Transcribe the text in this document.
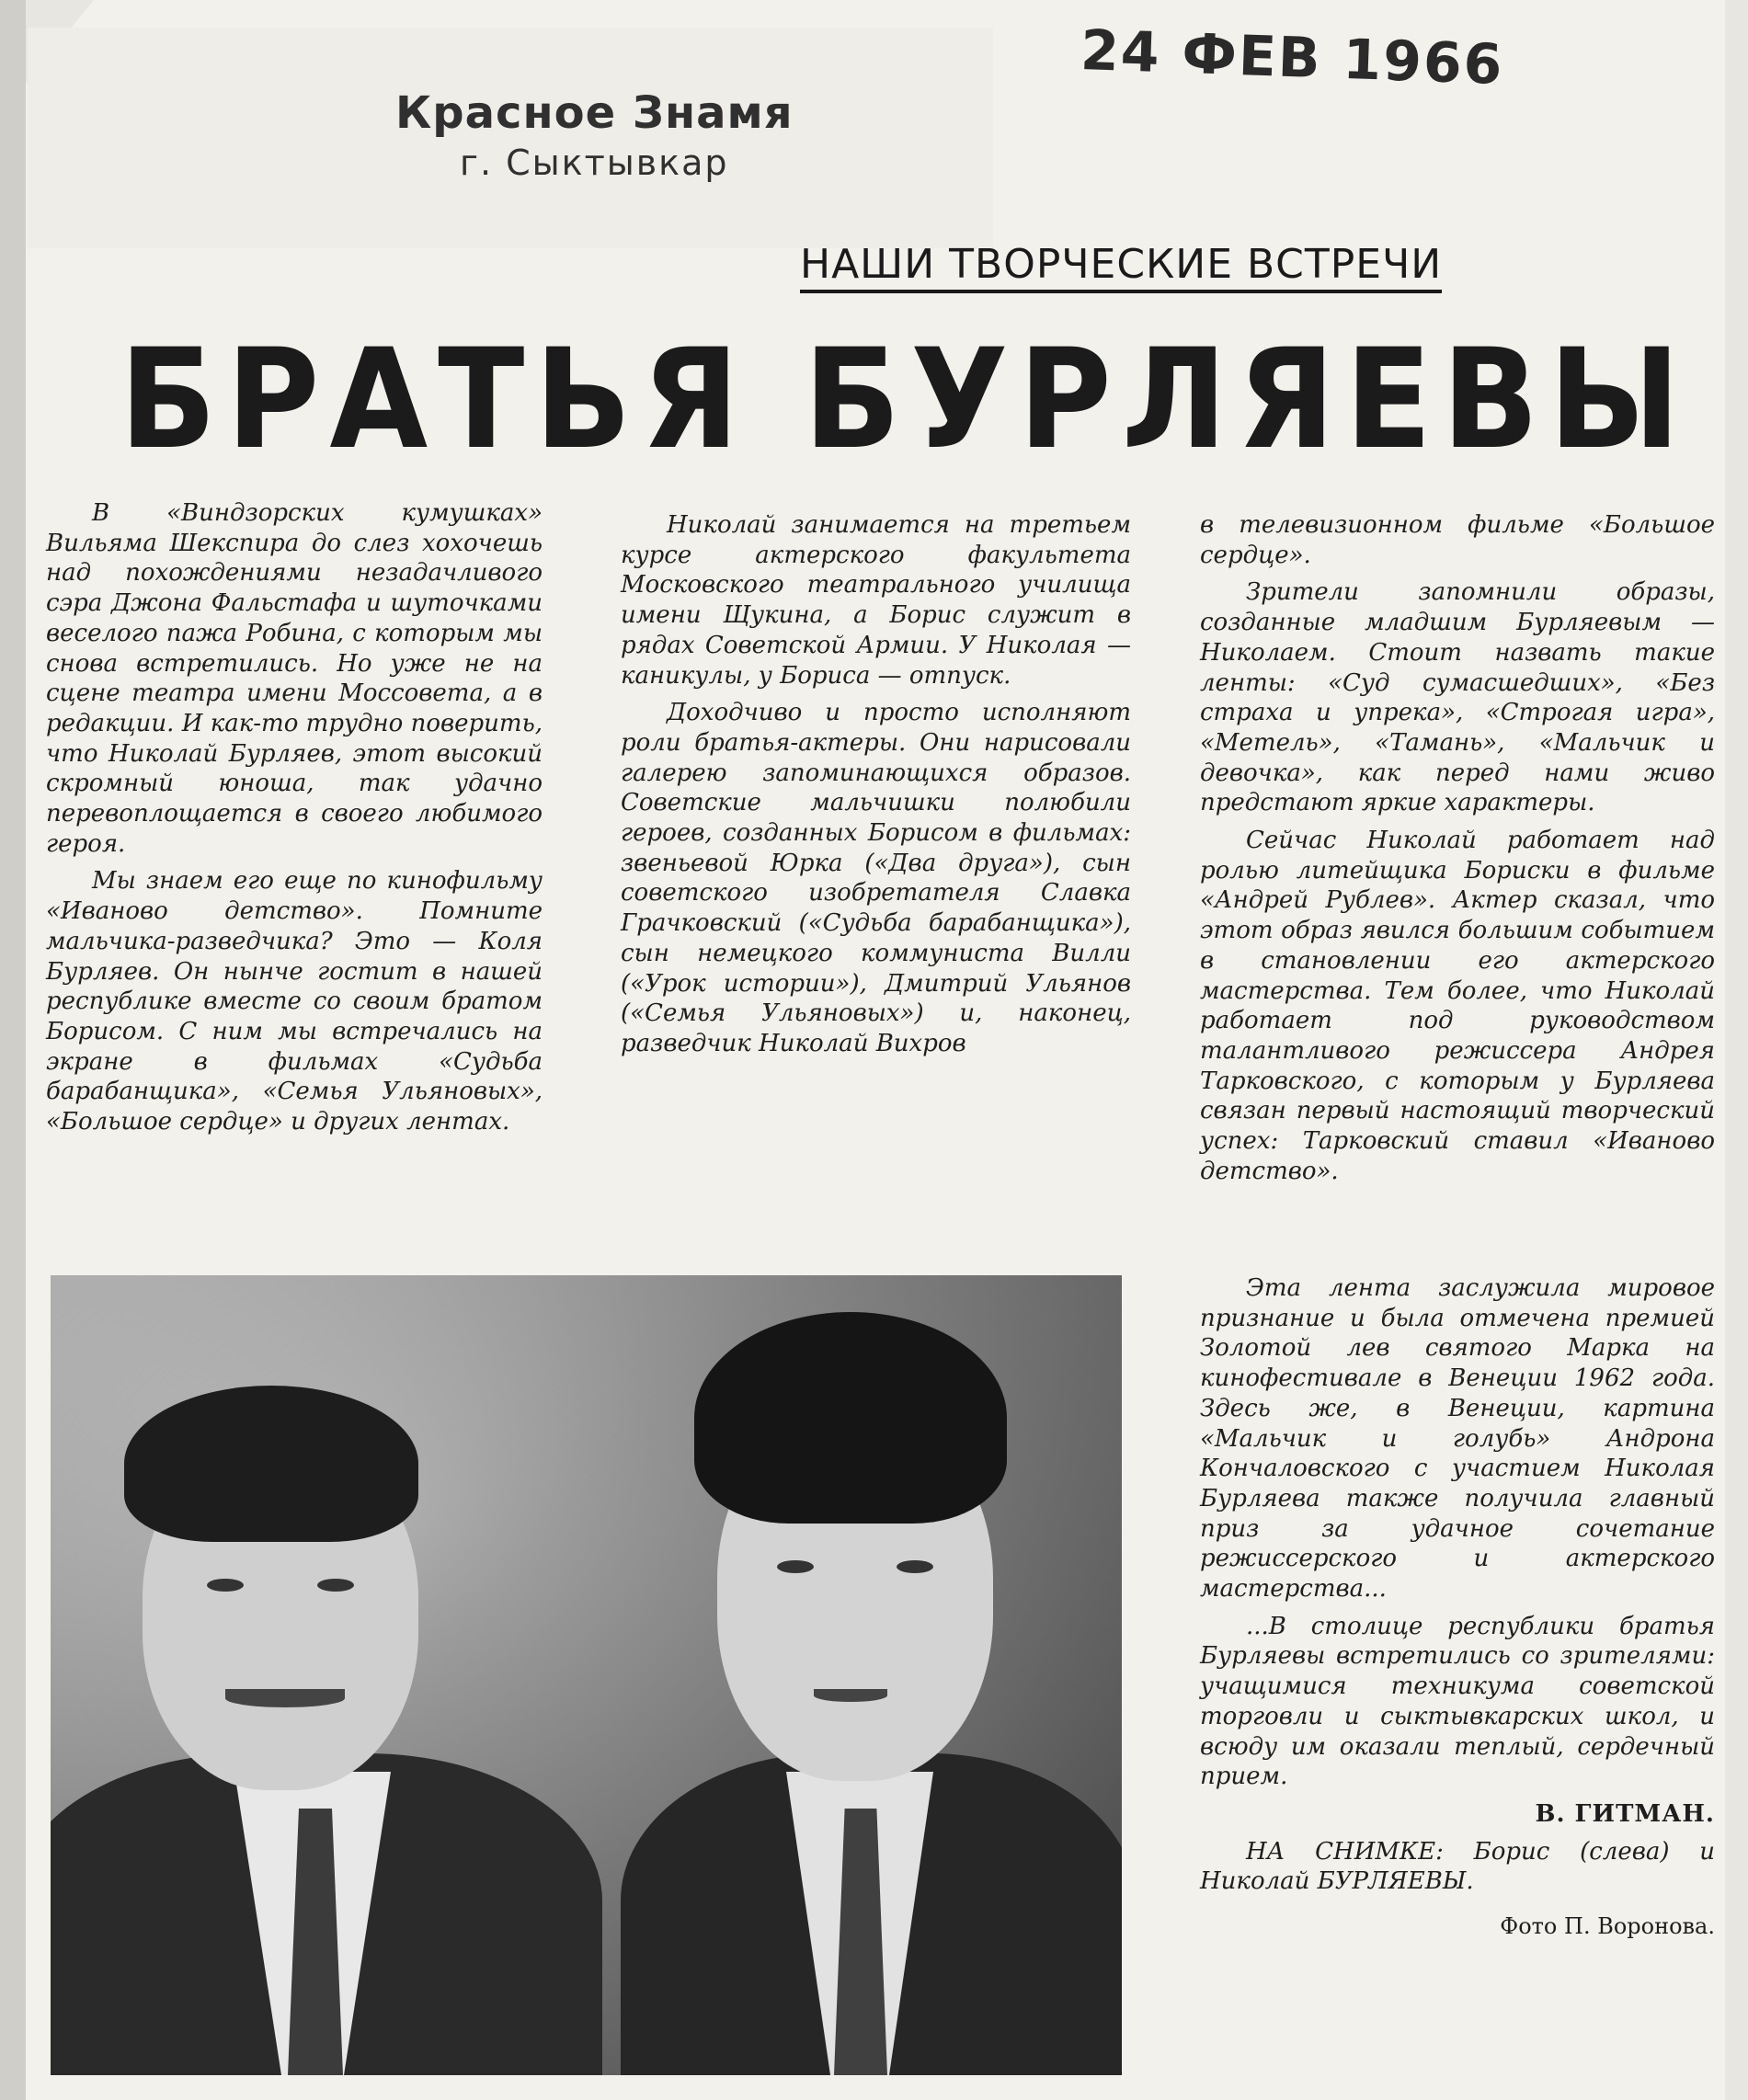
Красное Знамя
г. Сыктывкар
24 ФЕВ 1966
НАШИ ТВОРЧЕСКИЕ ВСТРЕЧИ
БРАТЬЯ БУРЛЯЕВЫ

В «Виндзорских кумушках» Вильяма Шекспира до слез хохочешь над похождениями незадачливого сэра Джона Фальстафа и шуточками веселого пажа Робина, с которым мы снова встретились. Но уже не на сцене театра имени Моссовета, а в редакции. И как-то трудно поверить, что Николай Бурляев, этот высокий скромный юноша, так удачно перевоплощается в своего любимого героя.

Мы знаем его еще по кинофильму «Иваново детство». Помните мальчика-разведчика? Это — Коля Бурляев. Он нынче гостит в нашей республике вместе со своим братом Борисом. С ним мы встречались на экране в фильмах «Судьба барабанщика», «Семья Ульяновых», «Большое сердце» и других лентах.

Николай занимается на третьем курсе актерского факультета Московского театрального училища имени Щукина, а Борис служит в рядах Советской Армии. У Николая — каникулы, у Бориса — отпуск.

Доходчиво и просто исполняют роли братья-актеры. Они нарисовали галерею запоминающихся образов. Советские мальчишки полюбили героев, созданных Борисом в фильмах: звеньевой Юрка («Два друга»), сын советского изобретателя Славка Грачковский («Судьба барабанщика»), сын немецкого коммуниста Вилли («Урок истории»), Дмитрий Ульянов («Семья Ульяновых») и, наконец, разведчик Николай Вихров

в телевизионном фильме «Большое сердце».

Зрители запомнили образы, созданные младшим Бурляевым — Николаем. Стоит назвать такие ленты: «Суд сумасшедших», «Без страха и упрека», «Строгая игра», «Метель», «Тамань», «Мальчик и девочка», как перед нами живо предстают яркие характеры.

Сейчас Николай работает над ролью литейщика Бориски в фильме «Андрей Рублев». Актер сказал, что этот образ явился большим событием в становлении его актерского мастерства. Тем более, что Николай работает под руководством талантливого режиссера Андрея Тарковского, с которым у Бурляева связан первый настоящий творческий успех: Тарковский ставил «Иваново детство».

Эта лента заслужила мировое признание и была отмечена премией Золотой лев святого Марка на кинофестивале в Венеции 1962 года. Здесь же, в Венеции, картина «Мальчик и голубь» Андрона Кончаловского с участием Николая Бурляева также получила главный приз за удачное сочетание режиссерского и актерского мастерства...

...В столице республики братья Бурляевы встретились со зрителями: учащимися техникума советской торговли и сыктывкарских школ, и всюду им оказали теплый, сердечный прием.

В. ГИТМАН.

НА СНИМКЕ: Борис (слева) и Николай БУРЛЯЕВЫ.

Фото П. Воронова.
